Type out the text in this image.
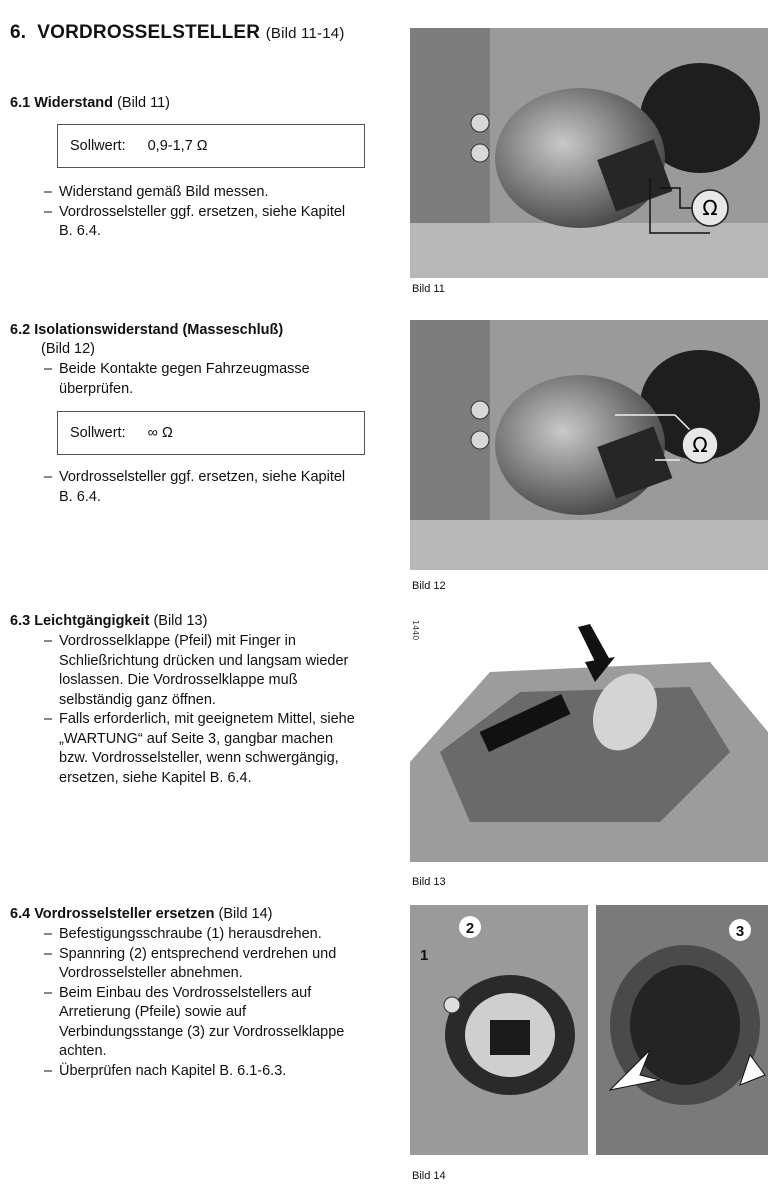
6. VORDROSSELSTELLER (Bild 11-14)
6.1 Widerstand (Bild 11)
Sollwert: 0,9-1,7 Ω
– Widerstand gemäß Bild messen.
– Vordrosselsteller ggf. ersetzen, siehe Kapitel B. 6.4.
6.2 Isolationswiderstand (Masseschluß)
(Bild 12)
– Beide Kontakte gegen Fahrzeugmasse überprüfen.
Sollwert: ∞ Ω
– Vordrosselsteller ggf. ersetzen, siehe Kapitel B. 6.4.
6.3 Leichtgängigkeit (Bild 13)
– Vordrosselklappe (Pfeil) mit Finger in Schließrichtung drücken und langsam wieder loslassen. Die Vordrosselklappe muß selbständig ganz öffnen.
– Falls erforderlich, mit geeignetem Mittel, siehe „WARTUNG“ auf Seite 3, gangbar machen bzw. Vordrosselsteller, wenn schwergängig, ersetzen, siehe Kapitel B. 6.4.
6.4 Vordrosselsteller ersetzen (Bild 14)
– Befestigungsschraube (1) herausdrehen.
– Spannring (2) entsprechend verdrehen und Vordrosselsteller abnehmen.
– Beim Einbau des Vordrosselstellers auf Arretierung (Pfeile) sowie auf Verbindungsstange (3) zur Vordrosselklappe achten.
– Überprüfen nach Kapitel B. 6.1-6.3.
Ω
Bild 11
Ω
Bild 12
1440
Bild 13
1
2	3
Bild 14
